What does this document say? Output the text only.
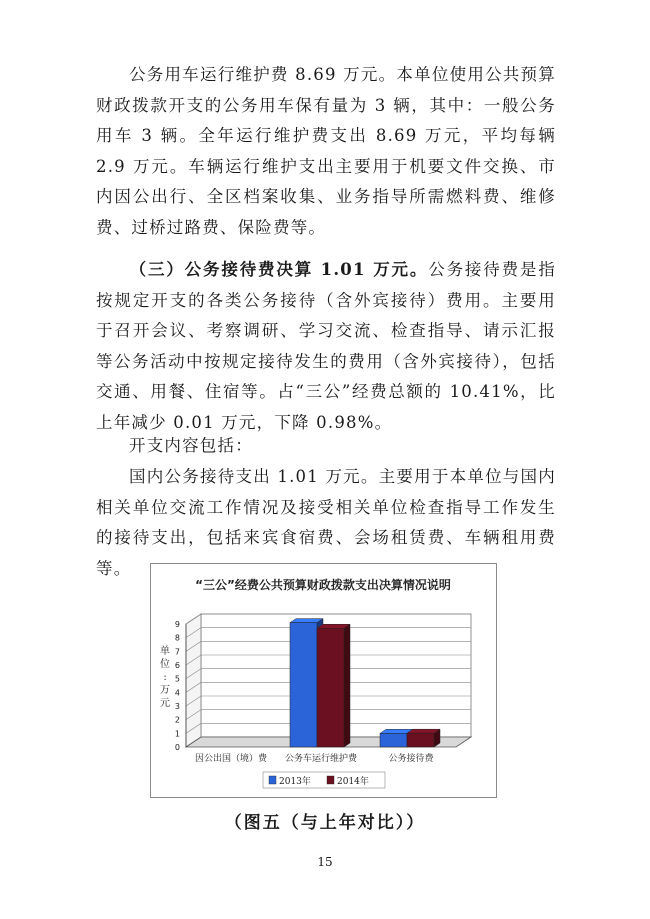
公务用车运行维护费 8.69 万元。本单位使用公共预算财政拨款开支的公务用车保有量为 3 辆，其中：一般公务用车 3 辆。全年运行维护费支出 8.69 万元，平均每辆 2.9 万元。车辆运行维护支出主要用于机要文件交换、市内因公出行、全区档案收集、业务指导所需燃料费、维修费、过桥过路费、保险费等。

（三）公务接待费决算 1.01 万元。公务接待费是指按规定开支的各类公务接待（含外宾接待）费用。主要用于召开会议、考察调研、学习交流、检查指导、请示汇报等公务活动中按规定接待发生的费用（含外宾接待），包括交通、用餐、住宿等。占“三公”经费总额的 10.41%，比上年减少 0.01 万元，下降 0.98%。

开支内容包括：

国内公务接待支出 1.01 万元。主要用于本单位与国内相关单位交流工作情况及接受相关单位检查指导工作发生的接待支出，包括来宾食宿费、会场租赁费、车辆租用费等。

“三公”经费公共预算财政拨款支出决算情况说明
0
1
2
3
4
5
6
7
8
9
单
位
:
万
元
因公出国（境）费 公务车运行维护费	公务接待费
2013年	2014年
（图五（与上年对比））
15
